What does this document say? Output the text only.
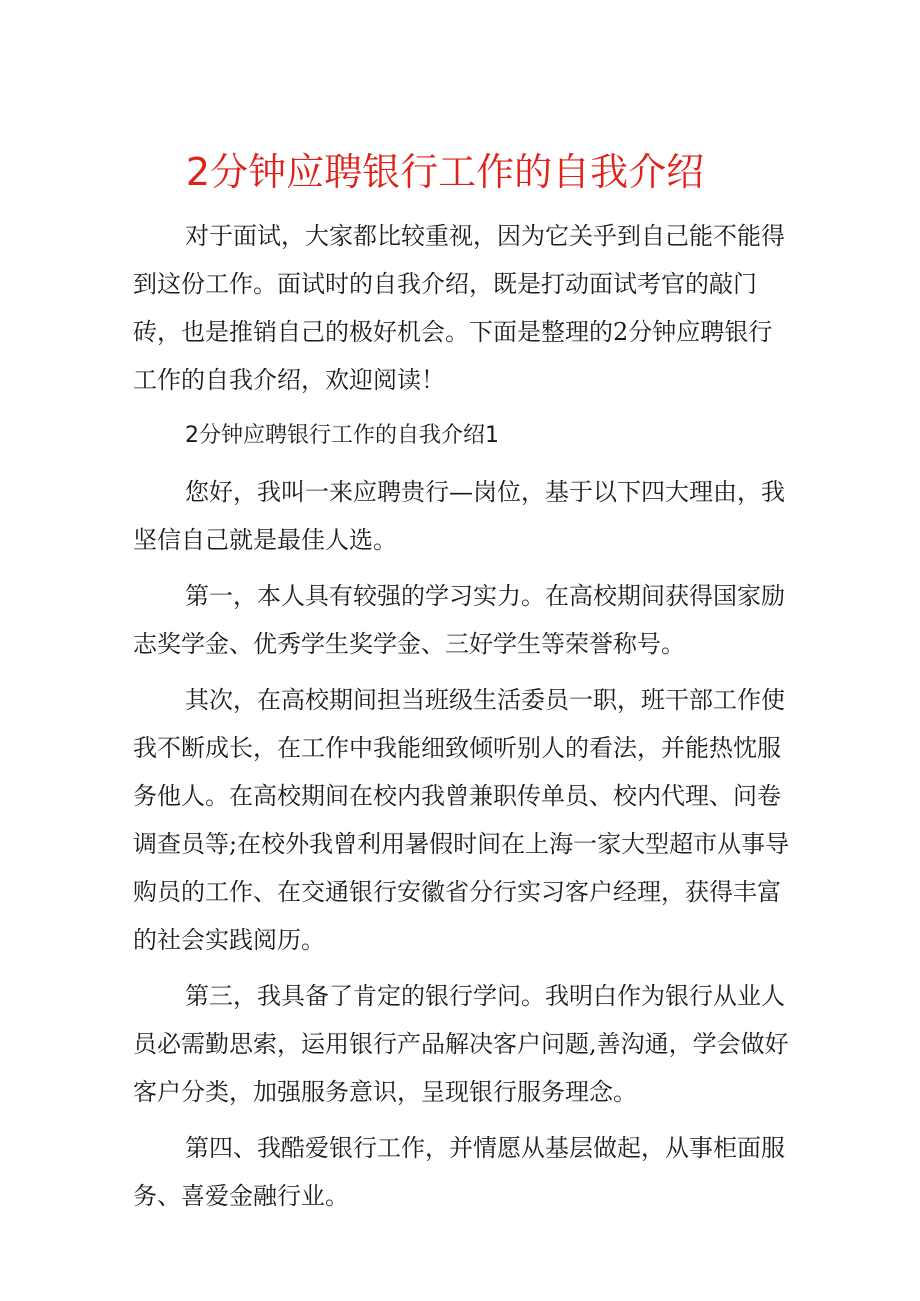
2分钟应聘银行工作的自我介绍

对于面试，大家都比较重视，因为它关乎到自己能不能得到这份工作。面试时的自我介绍，既是打动面试考官的敲门砖，也是推销自己的极好机会。下面是整理的2分钟应聘银行工作的自我介绍，欢迎阅读！

2分钟应聘银行工作的自我介绍1

您好，我叫一来应聘贵行—岗位，基于以下四大理由，我坚信自己就是最佳人选。

第一，本人具有较强的学习实力。在高校期间获得国家励志奖学金、优秀学生奖学金、三好学生等荣誉称号。

其次，在高校期间担当班级生活委员一职，班干部工作使我不断成长，在工作中我能细致倾听别人的看法，并能热忱服务他人。在高校期间在校内我曾兼职传单员、校内代理、问卷调查员等;在校外我曾利用暑假时间在上海一家大型超市从事导购员的工作、在交通银行安徽省分行实习客户经理，获得丰富的社会实践阅历。

第三，我具备了肯定的银行学问。我明白作为银行从业人员必需勤思索，运用银行产品解决客户问题,善沟通，学会做好客户分类，加强服务意识，呈现银行服务理念。

第四、我酷爱银行工作，并情愿从基层做起，从事柜面服务、喜爱金融行业。
